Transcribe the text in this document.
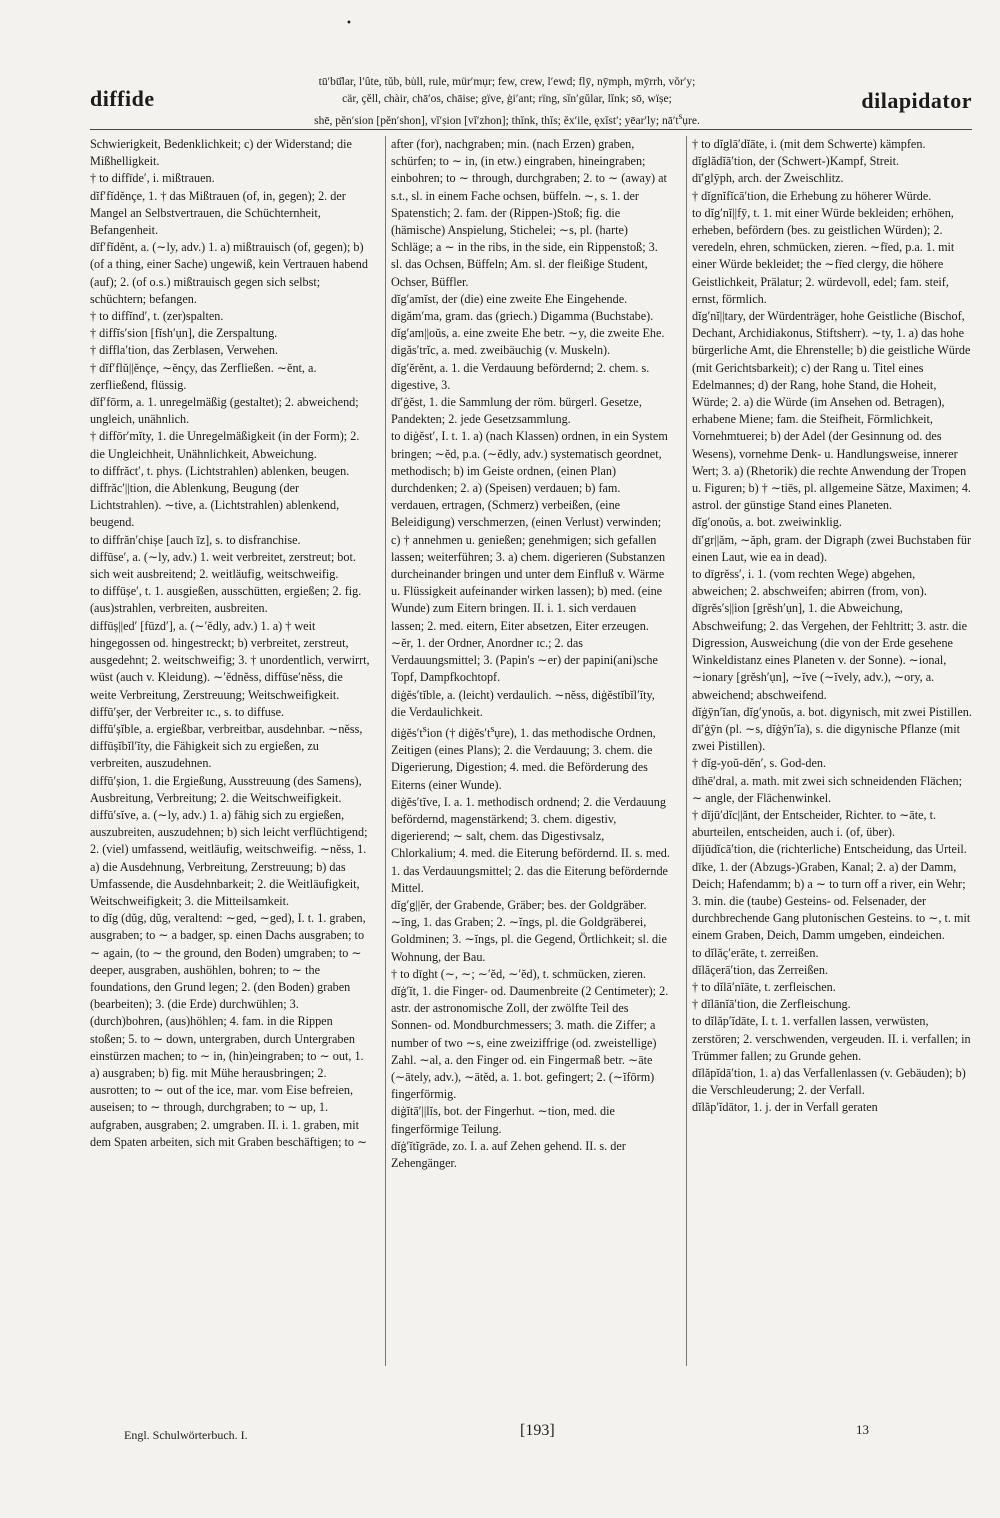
•
diffide
tū′bū̆lar, l′ûte, tŭb, bu̇ll, rule, mür′mụr; few, crew, l′ewd; flȳ, nȳmph, mȳrrh, vŏr′y;
cär, çĕll, chàir, chā′os, chāise; gïve, ġi′ant; rïng, sĭn′gŭlar, lĭnk; sō, wïșe;
shē, pĕn′sion [pĕn′shon], vĭ′ṣion [vĭ′zhon]; thĭnk, thĭs; ĕx′ile, ęxĭst′; yēar′ly; $nā't^sụre$.
dilapidator

Schwierigkeit, Bedenklichkeit; c) der Widerstand; die Mißhelligkeit.

† to diffīde′, i. mißtrauen.

dĭf′fĭdĕnçe, 1. † das Mißtrauen (of, in, gegen); 2. der Mangel an Selbstvertrauen, die Schüchternheit, Befangenheit.

dĭf′fĭdĕnt, a. (∼ly, adv.) 1. a) mißtrauisch (of, gegen); b) (of a thing, einer Sache) ungewiß, kein Vertrauen habend (auf); 2. (of o.s.) mißtrauisch gegen sich selbst; schüchtern; befangen.

† to diffĭnd′, t. (zer)spalten.

† diffĭs′sion [fĭsh′ụn], die Zerspaltung.

† diffla′tion, das Zerblasen, Verwehen.

† dĭf′flŭ||ĕnçe, ∼ĕnçy, das Zerfließen. ∼ĕnt, a. zerfließend, flüssig.

dĭf′fōrm, a. 1. unregelmäßig (gestaltet); 2. abweichend; ungleich, unähnlich.

† diffōr′mĭty, 1. die Unregelmäßigkeit (in der Form); 2. die Ungleichheit, Unähnlichkeit, Abweichung.

to diffrăct′, t. phys. (Lichtstrahlen) ablenken, beugen.

diffrăc′||tion, die Ablenkung, Beugung (der Lichtstrahlen). ∼tive, a. (Lichtstrahlen) ablenkend, beugend.

to diffrăn′chișe [auch īz], s. to disfranchise.

diffūse′, a. (∼ly, adv.) 1. weit verbreitet, zerstreut; bot. sich weit ausbreitend; 2. weitläufig, weitschweifig.

to diffūșe′, t. 1. ausgießen, ausschütten, ergießen; 2. fig. (aus)strahlen, verbreiten, ausbreiten.

diffūș||ed′ [fūzd′], a. (∼′ĕdly, adv.) 1. a) † weit hingegossen od. hingestreckt; b) verbreitet, zerstreut, ausgedehnt; 2. weitschweifig; 3. † unordentlich, verwirrt, wüst (auch v. Kleidung). ∼′ĕdnĕss, diffūse′nĕss, die weite Verbreitung, Zerstreuung; Weitschweifigkeit.

diffū′șer, der Verbreiter ɪc., s. to diffuse.

diffū′șĭble, a. ergießbar, verbreitbar, ausdehnbar. ∼nĕss, diffūșĭbĭl′ĭty, die Fähigkeit sich zu ergießen, zu verbreiten, auszudehnen.

diffū′șion, 1. die Ergießung, Ausstreuung (des Samens), Ausbreitung, Verbreitung; 2. die Weitschweifigkeit.

diffū′sĭve, a. (∼ly, adv.) 1. a) fähig sich zu ergießen, auszubreiten, auszudehnen; b) sich leicht verflüchtigend; 2. (viel) umfassend, weitläufig, weitschweifig. ∼nĕss, 1. a) die Ausdehnung, Verbreitung, Zerstreuung; b) das Umfassende, die Ausdehnbarkeit; 2. die Weitläufigkeit, Weitschweifigkeit; 3. die Mitteilsamkeit.

to dĭg (dŭg, dŭg, veraltend: ∼ged, ∼ged), I. t. 1. graben, ausgraben; to ∼ a badger, sp. einen Dachs ausgraben; to ∼ again, (to ∼ the ground, den Boden) umgraben; to ∼ deeper, ausgraben, aushöhlen, bohren; to ∼ the foundations, den Grund legen; 2. (den Boden) graben (bearbeiten); 3. (die Erde) durchwühlen; 3. (durch)bohren, (aus)höhlen; 4. fam. in die Rippen stoßen; 5. to ∼ down, untergraben, durch Untergraben einstürzen machen; to ∼ in, (hin)eingraben; to ∼ out, 1. a) ausgraben; b) fig. mit Mühe herausbringen; 2. ausrotten; to ∼ out of the ice, mar. vom Eise befreien, auseisen; to ∼ through, durchgraben; to ∼ up, 1. aufgraben, ausgraben; 2. umgraben. II. i. 1. graben, mit dem Spaten arbeiten, sich mit Graben beschäftigen; to ∼

after (for), nachgraben; min. (nach Erzen) graben, schürfen; to ∼ in, (in etw.) eingraben, hineingraben; einbohren; to ∼ through, durchgraben; 2. to ∼ (away) at s.t., sl. in einem Fache ochsen, büffeln. ∼, s. 1. der Spatenstich; 2. fam. der (Rippen-)Stoß; fig. die (hämische) Anspielung, Stichelei; ∼s, pl. (harte) Schläge; a ∼ in the ribs, in the side, ein Rippenstoß; 3. sl. das Ochsen, Büffeln; Am. sl. der fleißige Student, Ochser, Büffler.

dĭg′amĭst, der (die) eine zweite Ehe Eingehende.

digăm′ma, gram. das (griech.) Digamma (Buchstabe).

dĭg′am||oŭs, a. eine zweite Ehe betr. ∼y, die zweite Ehe.

digăs′trĭc, a. med. zweibäuchig (v. Muskeln).

dĭg′ĕrĕnt, a. 1. die Verdauung befördernd; 2. chem. s. digestive, 3.

dī′ġĕst, 1. die Sammlung der röm. bürgerl. Gesetze, Pandekten; 2. jede Gesetzsammlung.

to diġĕst′, I. t. 1. a) (nach Klassen) ordnen, in ein System bringen; ∼ĕd, p.a. (∼ĕdly, adv.) systematisch geordnet, methodisch; b) im Geiste ordnen, (einen Plan) durchdenken; 2. a) (Speisen) verdauen; b) fam. verdauen, ertragen, (Schmerz) verbeißen, (eine Beleidigung) verschmerzen, (einen Verlust) verwinden; c) † annehmen u. genießen; genehmigen; sich gefallen lassen; weiterführen; 3. a) chem. digerieren (Substanzen durcheinander bringen und unter dem Einfluß v. Wärme u. Flüssigkeit aufeinander wirken lassen); b) med. (eine Wunde) zum Eitern bringen. II. i. 1. sich verdauen lassen; 2. med. eitern, Eiter absetzen, Eiter erzeugen. ∼ĕr, 1. der Ordner, Anordner ɪc.; 2. das Verdauungsmittel; 3. (Papin's ∼er) der papini(ani)sche Topf, Dampfkochtopf.

diġĕs′tĭble, a. (leicht) verdaulich. ∼nĕss, diġĕstĭbĭl′ĭty, die Verdaulichkeit.

$diġĕs't^sion$ († $diġĕs't^sụre$), 1. das methodische Ordnen, Zeitigen (eines Plans); 2. die Verdauung; 3. chem. die Digerierung, Digestion; 4. med. die Beförderung des Eiterns (einer Wunde).

diġĕs′tĭve, I. a. 1. methodisch ordnend; 2. die Verdauung befördernd, magenstärkend; 3. chem. digestiv, digerierend; ∼ salt, chem. das Digestivsalz, Chlorkalium; 4. med. die Eiterung befördernd. II. s. med. 1. das Verdauungsmittel; 2. das die Eiterung befördernde Mittel.

dĭg′g||ĕr, der Grabende, Gräber; bes. der Goldgräber. ∼ĭng, 1. das Graben; 2. ∼ĭngs, pl. die Goldgräberei, Goldminen; 3. ∼ĭngs, pl. die Gegend, Örtlichkeit; sl. die Wohnung, der Bau.

† to dīght (∼, ∼; ∼′ĕd, ∼′ĕd), t. schmücken, zieren.

dĭġ′ĭt, 1. die Finger- od. Daumenbreite (2 Centimeter); 2. astr. der astronomische Zoll, der zwölfte Teil des Sonnen- od. Mondburchmessers; 3. math. die Ziffer; a number of two ∼s, eine zweiziffrige (od. zweistellige) Zahl. ∼al, a. den Finger od. ein Fingermaß betr. ∼āte (∼ātely, adv.), ∼ātĕd, a. 1. bot. gefingert; 2. (∼ĭfōrm) fingerförmig.

diġĭtā′||lĭs, bot. der Fingerhut. ∼tion, med. die fingerförmige Teilung.

dĭġ′ĭtĭgrāde, zo. I. a. auf Zehen gehend. II. s. der Zehengänger.

† to dĭglā′dĭāte, i. (mit dem Schwerte) kämpfen.

dĭglădĭā′tion, der (Schwert-)Kampf, Streit.

dī′glȳph, arch. der Zweischlitz.

† dĭgnĭfĭcā′tion, die Erhebung zu höherer Würde.

to dĭg′nĭ||fȳ, t. 1. mit einer Würde bekleiden; erhöhen, erheben, befördern (bes. zu geistlichen Würden); 2. veredeln, ehren, schmücken, zieren. ∼fīed, p.a. 1. mit einer Würde bekleidet; the ∼fīed clergy, die höhere Geistlichkeit, Prälatur; 2. würdevoll, edel; fam. steif, ernst, förmlich.

dĭg′nĭ||tary, der Würdenträger, hohe Geistliche (Bischof, Dechant, Archidiakonus, Stiftsherr). ∼ty, 1. a) das hohe bürgerliche Amt, die Ehrenstelle; b) die geistliche Würde (mit Gerichtsbarkeit); c) der Rang u. Titel eines Edelmannes; d) der Rang, hohe Stand, die Hoheit, Würde; 2. a) die Würde (im Ansehen od. Betragen), erhabene Miene; fam. die Steifheit, Förmlichkeit, Vornehmtuerei; b) der Adel (der Gesinnung od. des Wesens), vornehme Denk- u. Handlungsweise, innerer Wert; 3. a) (Rhetorik) die rechte Anwendung der Tropen u. Figuren; b) † ∼tiēs, pl. allgemeine Sätze, Maximen; 4. astrol. der günstige Stand eines Planeten.

dĭg′onoŭs, a. bot. zweiwinklig.

dī′gr||ăm, ∼ăph, gram. der Digraph (zwei Buchstaben für einen Laut, wie ea in dead).

to dīgrĕss′, i. 1. (vom rechten Wege) abgehen, abweichen; 2. abschweifen; abirren (from, von).

dīgrĕs′s||ion [grĕsh′ụn], 1. die Abweichung, Abschweifung; 2. das Vergehen, der Fehltritt; 3. astr. die Digression, Ausweichung (die von der Erde gesehene Winkeldistanz eines Planeten v. der Sonne). ∼ional, ∼ionary [grĕsh′ụn], ∼ĭve (∼ĭvely, adv.), ∼ory, a. abweichend; abschweifend.

dĭġȳn′ĭan, dĭg′ynoŭs, a. bot. digynisch, mit zwei Pistillen.

dī′ġȳn (pl. ∼s, dĭġȳn′ĭa), s. die digynische Pflanze (mit zwei Pistillen).

† dĭg-yoŭ-dĕn′, s. God-den.

dīhē′dral, a. math. mit zwei sich schneidenden Flächen; ∼ angle, der Flächenwinkel.

† dĭjū′dĭc||ănt, der Entscheider, Richter. to ∼āte, t. aburteilen, entscheiden, auch i. (of, über).

dĭjūdĭcā′tion, die (richterliche) Entscheidung, das Urteil.

dīke, 1. der (Abzugs-)Graben, Kanal; 2. a) der Damm, Deich; Hafendamm; b) a ∼ to turn off a river, ein Wehr; 3. min. die (taube) Gesteins- od. Felsenader, der durchbrechende Gang plutonischen Gesteins. to ∼, t. mit einem Graben, Deich, Damm umgeben, eindeichen.

to dĭlăç′erāte, t. zerreißen.

dĭlăçerā′tion, das Zerreißen.

† to dĭlā′nĭāte, t. zerfleischen.

† dĭlānĭā′tion, die Zerfleischung.

to dĭlăp′ĭdāte, I. t. 1. verfallen lassen, verwüsten, zerstören; 2. verschwenden, vergeuden. II. i. verfallen; in Trümmer fallen; zu Grunde gehen.

dĭlăpĭdā′tion, 1. a) das Verfallenlassen (v. Gebäuden); b) die Verschleuderung; 2. der Verfall.

dĭlăp′ĭdātor, 1. j. der in Verfall geraten

Engl. Schulwörterbuch. I.	[193]	13
